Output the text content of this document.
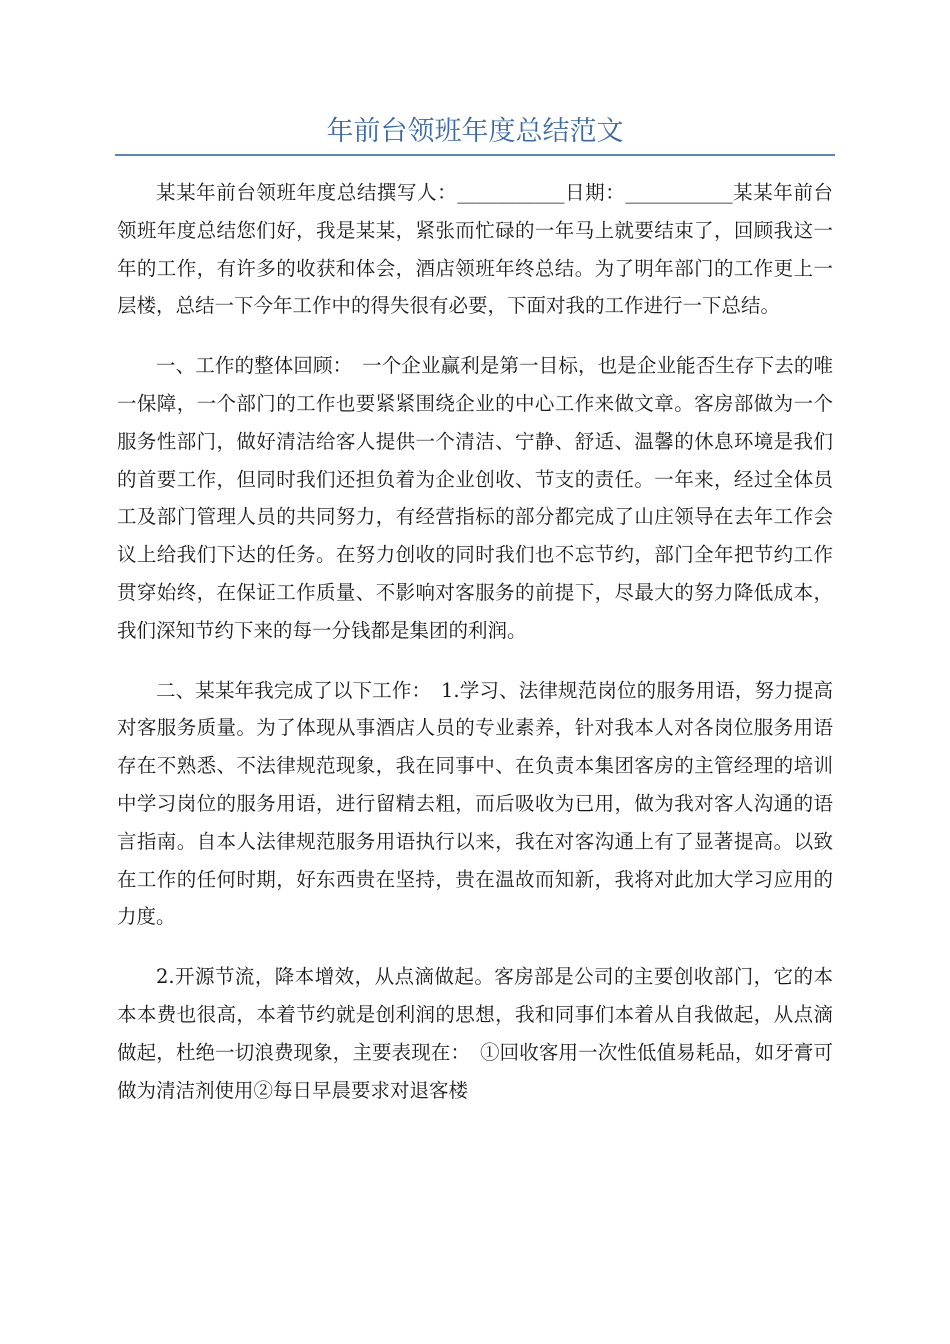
年前台领班年度总结范文

某某年前台领班年度总结撰写人：___________日期：___________某某年前台领班年度总结您们好，我是某某，紧张而忙碌的一年马上就要结束了，回顾我这一年的工作，有许多的收获和体会，酒店领班年终总结。为了明年部门的工作更上一层楼，总结一下今年工作中的得失很有必要，下面对我的工作进行一下总结。

一、工作的整体回顾：　一个企业赢利是第一目标，也是企业能否生存下去的唯一保障，一个部门的工作也要紧紧围绕企业的中心工作来做文章。客房部做为一个服务性部门，做好清洁给客人提供一个清洁、宁静、舒适、温馨的休息环境是我们的首要工作，但同时我们还担负着为企业创收、节支的责任。一年来，经过全体员工及部门管理人员的共同努力，有经营指标的部分都完成了山庄领导在去年工作会议上给我们下达的任务。在努力创收的同时我们也不忘节约，部门全年把节约工作贯穿始终，在保证工作质量、不影响对客服务的前提下，尽最大的努力降低成本，我们深知节约下来的每一分钱都是集团的利润。

二、某某年我完成了以下工作：　1.学习、法律规范岗位的服务用语，努力提高对客服务质量。为了体现从事酒店人员的专业素养，针对我本人对各岗位服务用语存在不熟悉、不法律规范现象，我在同事中、在负责本集团客房的主管经理的培训中学习岗位的服务用语，进行留精去粗，而后吸收为已用，做为我对客人沟通的语言指南。自本人法律规范服务用语执行以来，我在对客沟通上有了显著提高。以致在工作的任何时期，好东西贵在坚持，贵在温故而知新，我将对此加大学习应用的力度。

2.开源节流，降本增效，从点滴做起。客房部是公司的主要创收部门，它的本本本费也很高，本着节约就是创利润的思想，我和同事们本着从自我做起，从点滴做起，杜绝一切浪费现象，主要表现在：　①回收客用一次性低值易耗品，如牙膏可做为清洁剂使用②每日早晨要求对退客楼
